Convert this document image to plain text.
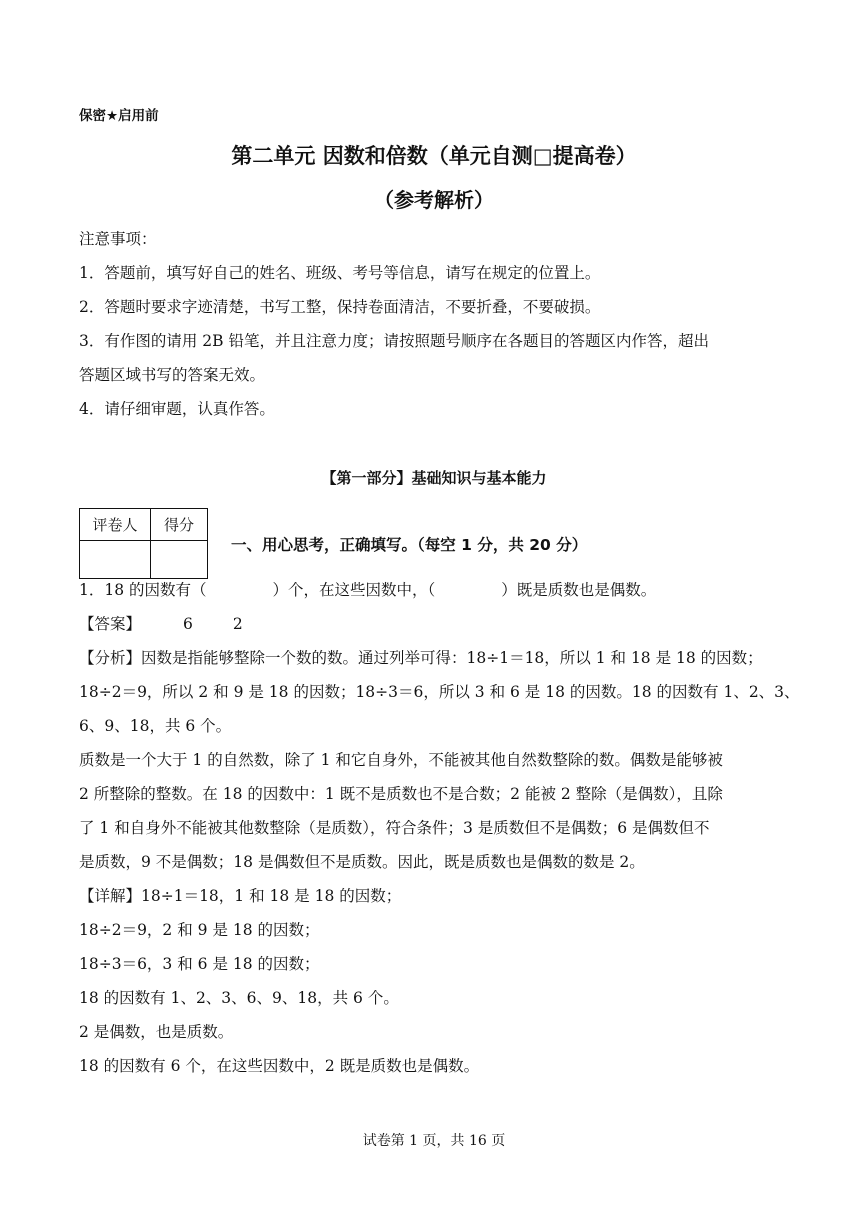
保密★启用前
第二单元 因数和倍数（单元自测□提高卷）
（参考解析）
注意事项：
1．答题前，填写好自己的姓名、班级、考号等信息，请写在规定的位置上。
2．答题时要求字迹清楚，书写工整，保持卷面清洁，不要折叠，不要破损。
3．有作图的请用 2B 铅笔，并且注意力度；请按照题号顺序在各题目的答题区内作答，超出
答题区域书写的答案无效。
4．请仔细审题，认真作答。
【第一部分】基础知识与基本能力
评卷人	得分

一、用心思考，正确填写。（每空 1 分，共 20 分）
1．18 的因数有（	）个，在这些因数中，（	）既是质数也是偶数。
【答案】	6	2
【分析】因数是指能够整除一个数的数。通过列举可得：18÷1＝18，所以 1 和 18 是 18 的因数；
18÷2＝9，所以 2 和 9 是 18 的因数；18÷3＝6，所以 3 和 6 是 18 的因数。18 的因数有 1、2、3、
6、9、18，共 6 个。
质数是一个大于 1 的自然数，除了 1 和它自身外，不能被其他自然数整除的数。偶数是能够被
2 所整除的整数。在 18 的因数中：1 既不是质数也不是合数；2 能被 2 整除（是偶数），且除
了 1 和自身外不能被其他数整除（是质数），符合条件；3 是质数但不是偶数；6 是偶数但不
是质数，9 不是偶数；18 是偶数但不是质数。因此，既是质数也是偶数的数是 2。
【详解】18÷1＝18，1 和 18 是 18 的因数；
18÷2＝9，2 和 9 是 18 的因数；
18÷3＝6，3 和 6 是 18 的因数；
18 的因数有 1、2、3、6、9、18，共 6 个。
2 是偶数，也是质数。
18 的因数有 6 个，在这些因数中，2 既是质数也是偶数。
试卷第 1 页，共 16 页
